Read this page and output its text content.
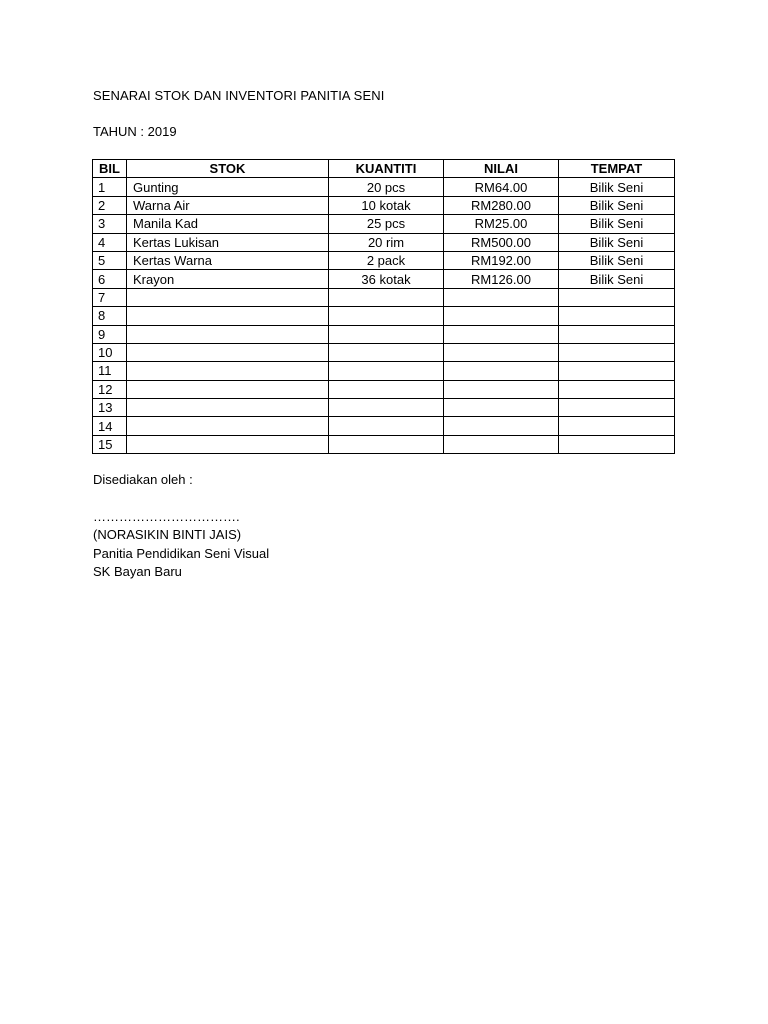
SENARAI STOK DAN INVENTORI PANITIA SENI
TAHUN : 2019
BIL	STOK	KUANTITI	NILAI	TEMPAT
1	Gunting	20 pcs	RM64.00	Bilik Seni
2	Warna Air	10 kotak	RM280.00	Bilik Seni
3	Manila Kad	25 pcs	RM25.00	Bilik Seni
4	Kertas Lukisan	20 rim	RM500.00	Bilik Seni
5	Kertas Warna	2 pack	RM192.00	Bilik Seni
6	Krayon	36 kotak	RM126.00	Bilik Seni
7				
8				
9				
10				
11				
12				
13				
14				
15				
Disediakan oleh :
…………………………….
(NORASIKIN BINTI JAIS)
Panitia Pendidikan Seni Visual
SK Bayan Baru
